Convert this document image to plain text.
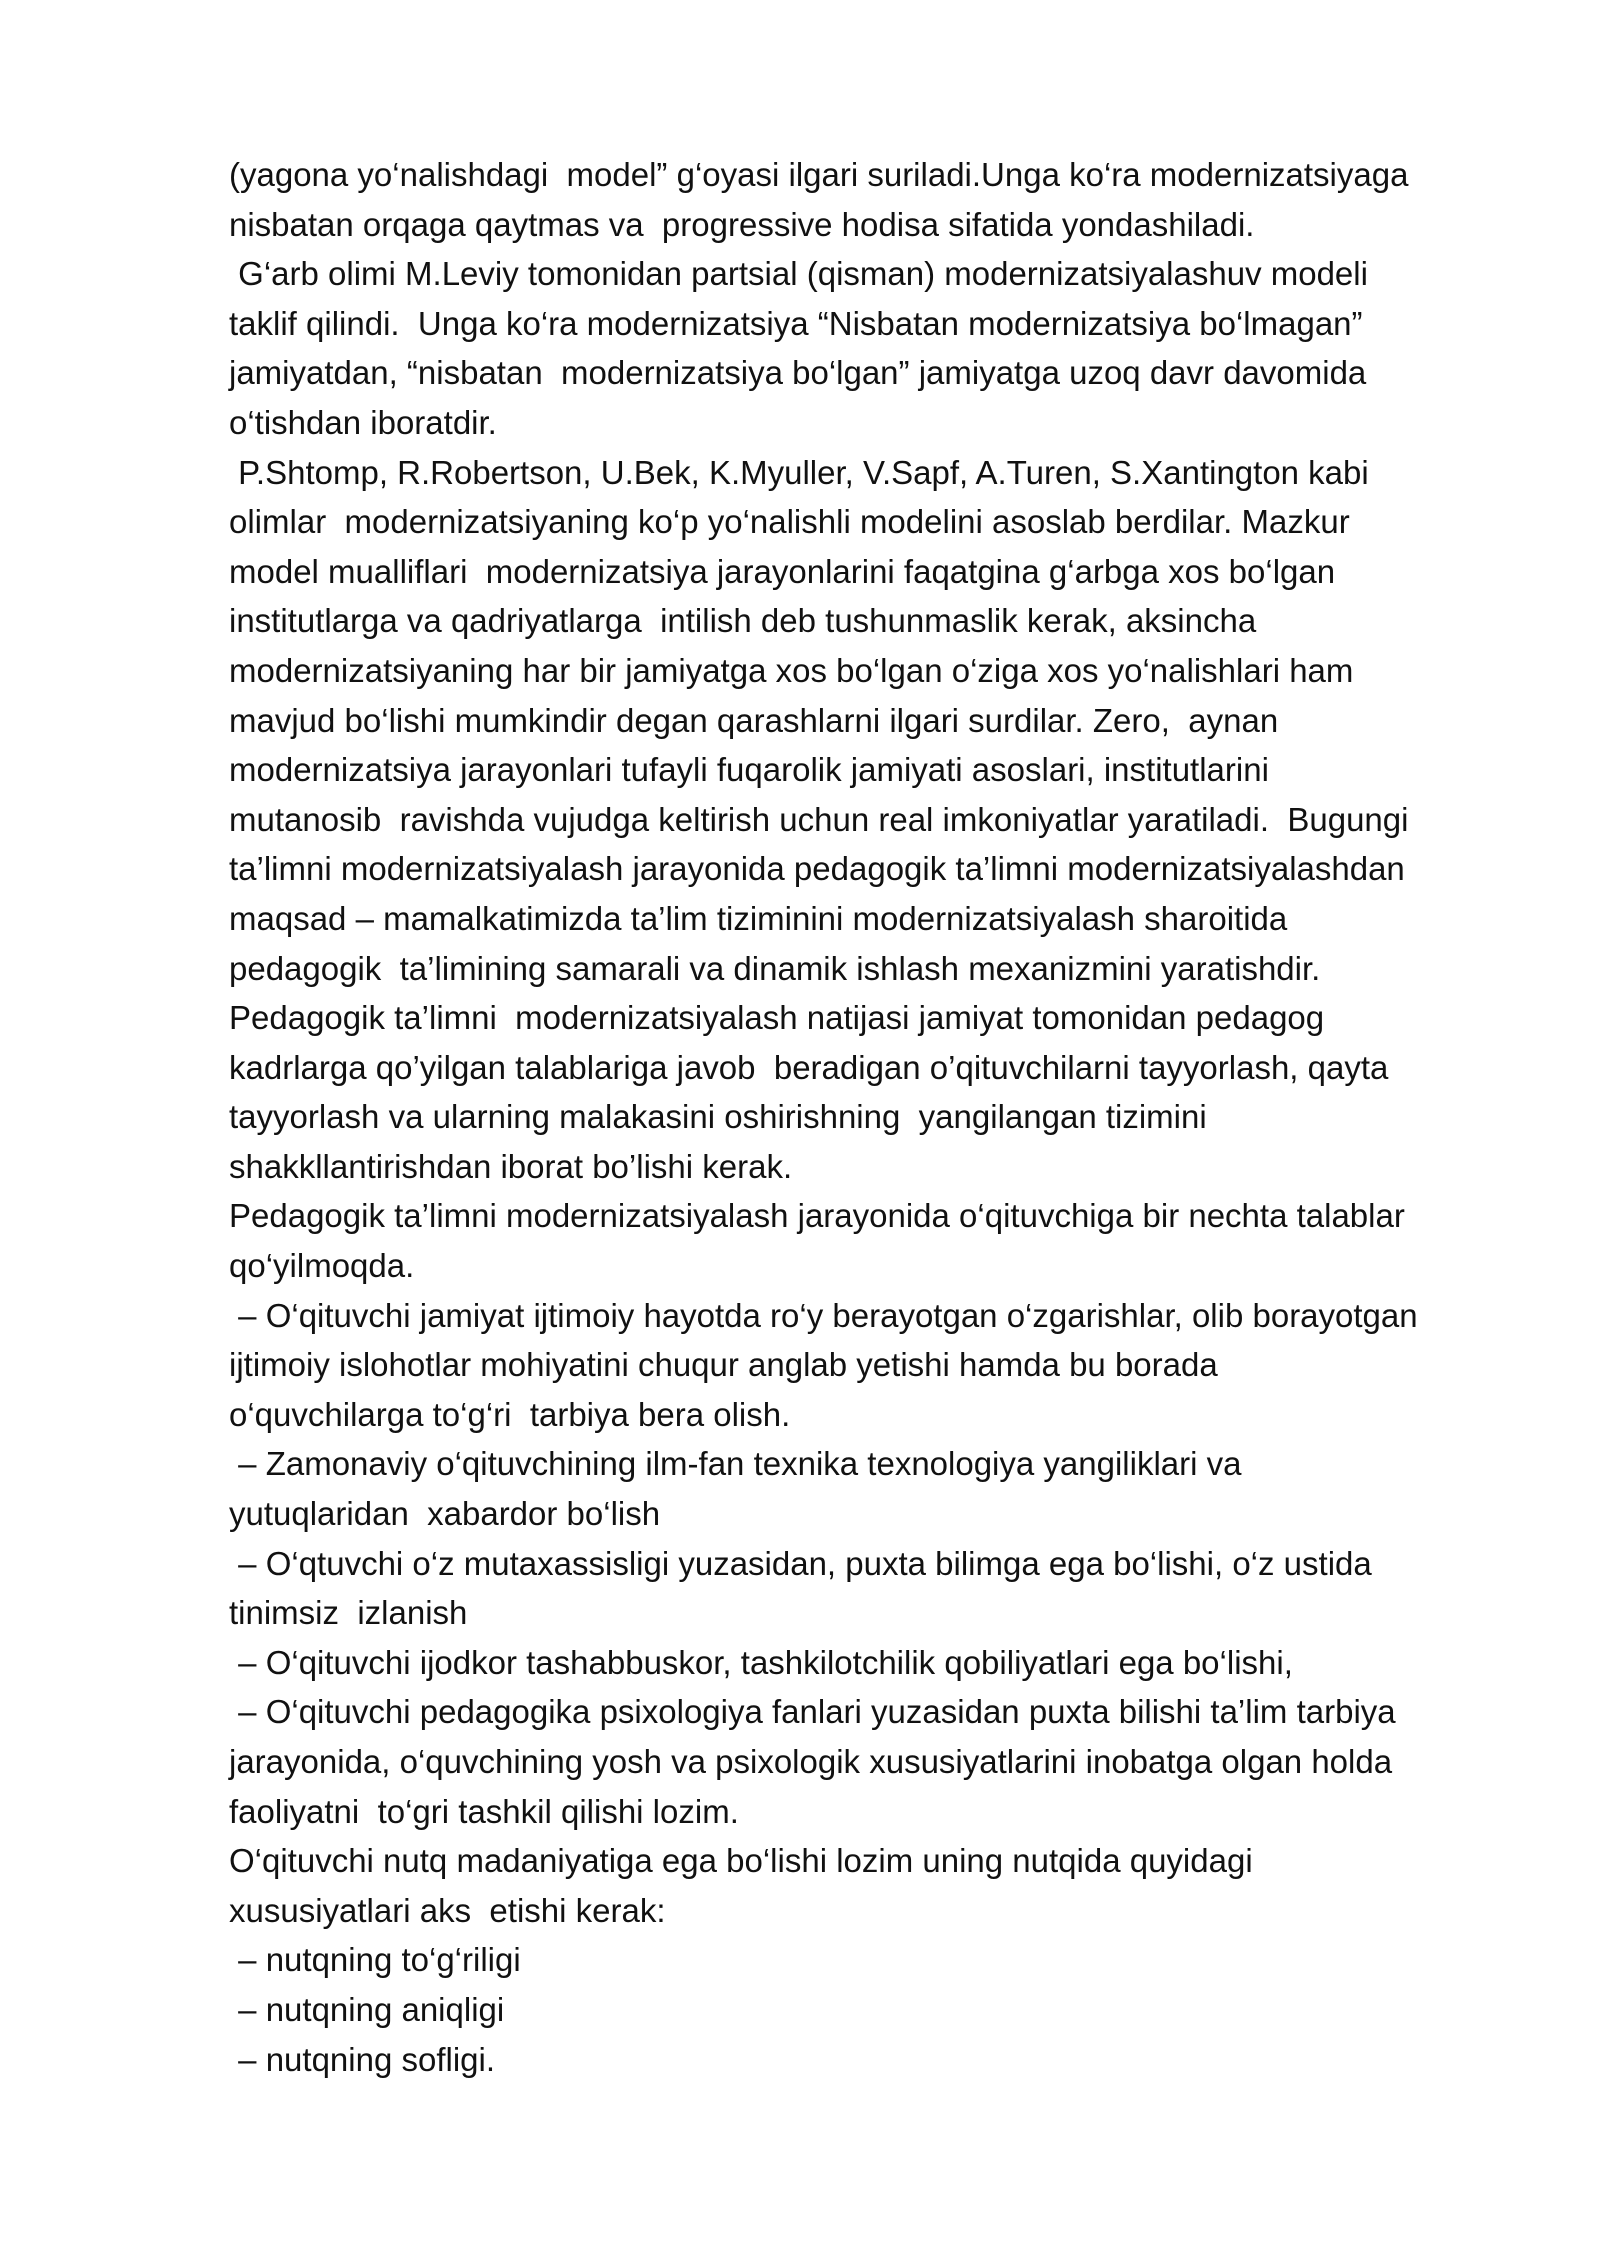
(yagona yo‘nalishdagi  model” g‘oyasi ilgari suriladi.Unga ko‘ra modernizatsiyaga
nisbatan orqaga qaytmas va  progressive hodisa sifatida yondashiladi.
G‘arb olimi M.Leviy tomonidan partsial (qisman) modernizatsiyalashuv modeli
taklif qilindi.  Unga ko‘ra modernizatsiya “Nisbatan modernizatsiya bo‘lmagan”
jamiyatdan, “nisbatan  modernizatsiya bo‘lgan” jamiyatga uzoq davr davomida
o‘tishdan iboratdir.
P.Shtomp, R.Robertson, U.Bek, K.Myuller, V.Sapf, A.Turen, S.Xantington kabi
olimlar  modernizatsiyaning ko‘p yo‘nalishli modelini asoslab berdilar. Mazkur
model mualliflari  modernizatsiya jarayonlarini faqatgina g‘arbga xos bo‘lgan
institutlarga va qadriyatlarga  intilish deb tushunmaslik kerak, aksincha
modernizatsiyaning har bir jamiyatga xos bo‘lgan o‘ziga xos yo‘nalishlari ham
mavjud bo‘lishi mumkindir degan qarashlarni ilgari surdilar. Zero,  aynan
modernizatsiya jarayonlari tufayli fuqarolik jamiyati asoslari, institutlarini
mutanosib  ravishda vujudga keltirish uchun real imkoniyatlar yaratiladi.  Bugungi
ta’limni modernizatsiyalash jarayonida pedagogik ta’limni modernizatsiyalashdan
maqsad – mamalkatimizda ta’lim tiziminini modernizatsiyalash sharoitida
pedagogik  ta’limining samarali va dinamik ishlash mexanizmini yaratishdir.
Pedagogik ta’limni  modernizatsiyalash natijasi jamiyat tomonidan pedagog
kadrlarga qo’yilgan talablariga javob  beradigan o’qituvchilarni tayyorlash, qayta
tayyorlash va ularning malakasini oshirishning  yangilangan tizimini
shakkllantirishdan iborat bo’lishi kerak.
Pedagogik ta’limni modernizatsiyalash jarayonida o‘qituvchiga bir nechta talablar
qo‘yilmoqda.
– O‘qituvchi jamiyat ijtimoiy hayotda ro‘y berayotgan o‘zgarishlar, olib borayotgan
ijtimoiy islohotlar mohiyatini chuqur anglab yetishi hamda bu borada
o‘quvchilarga to‘g‘ri  tarbiya bera olish.
– Zamonaviy o‘qituvchining ilm-fan texnika texnologiya yangiliklari va
yutuqlaridan  xabardor bo‘lish
– O‘qtuvchi o‘z mutaxassisligi yuzasidan, puxta bilimga ega bo‘lishi, o‘z ustida
tinimsiz  izlanish
– O‘qituvchi ijodkor tashabbuskor, tashkilotchilik qobiliyatlari ega bo‘lishi,
– O‘qituvchi pedagogika psixologiya fanlari yuzasidan puxta bilishi ta’lim tarbiya
jarayonida, o‘quvchining yosh va psixologik xususiyatlarini inobatga olgan holda
faoliyatni  to‘gri tashkil qilishi lozim.
O‘qituvchi nutq madaniyatiga ega bo‘lishi lozim uning nutqida quyidagi
xususiyatlari aks  etishi kerak:
– nutqning to‘g‘riligi
– nutqning aniqligi
– nutqning sofligi.
